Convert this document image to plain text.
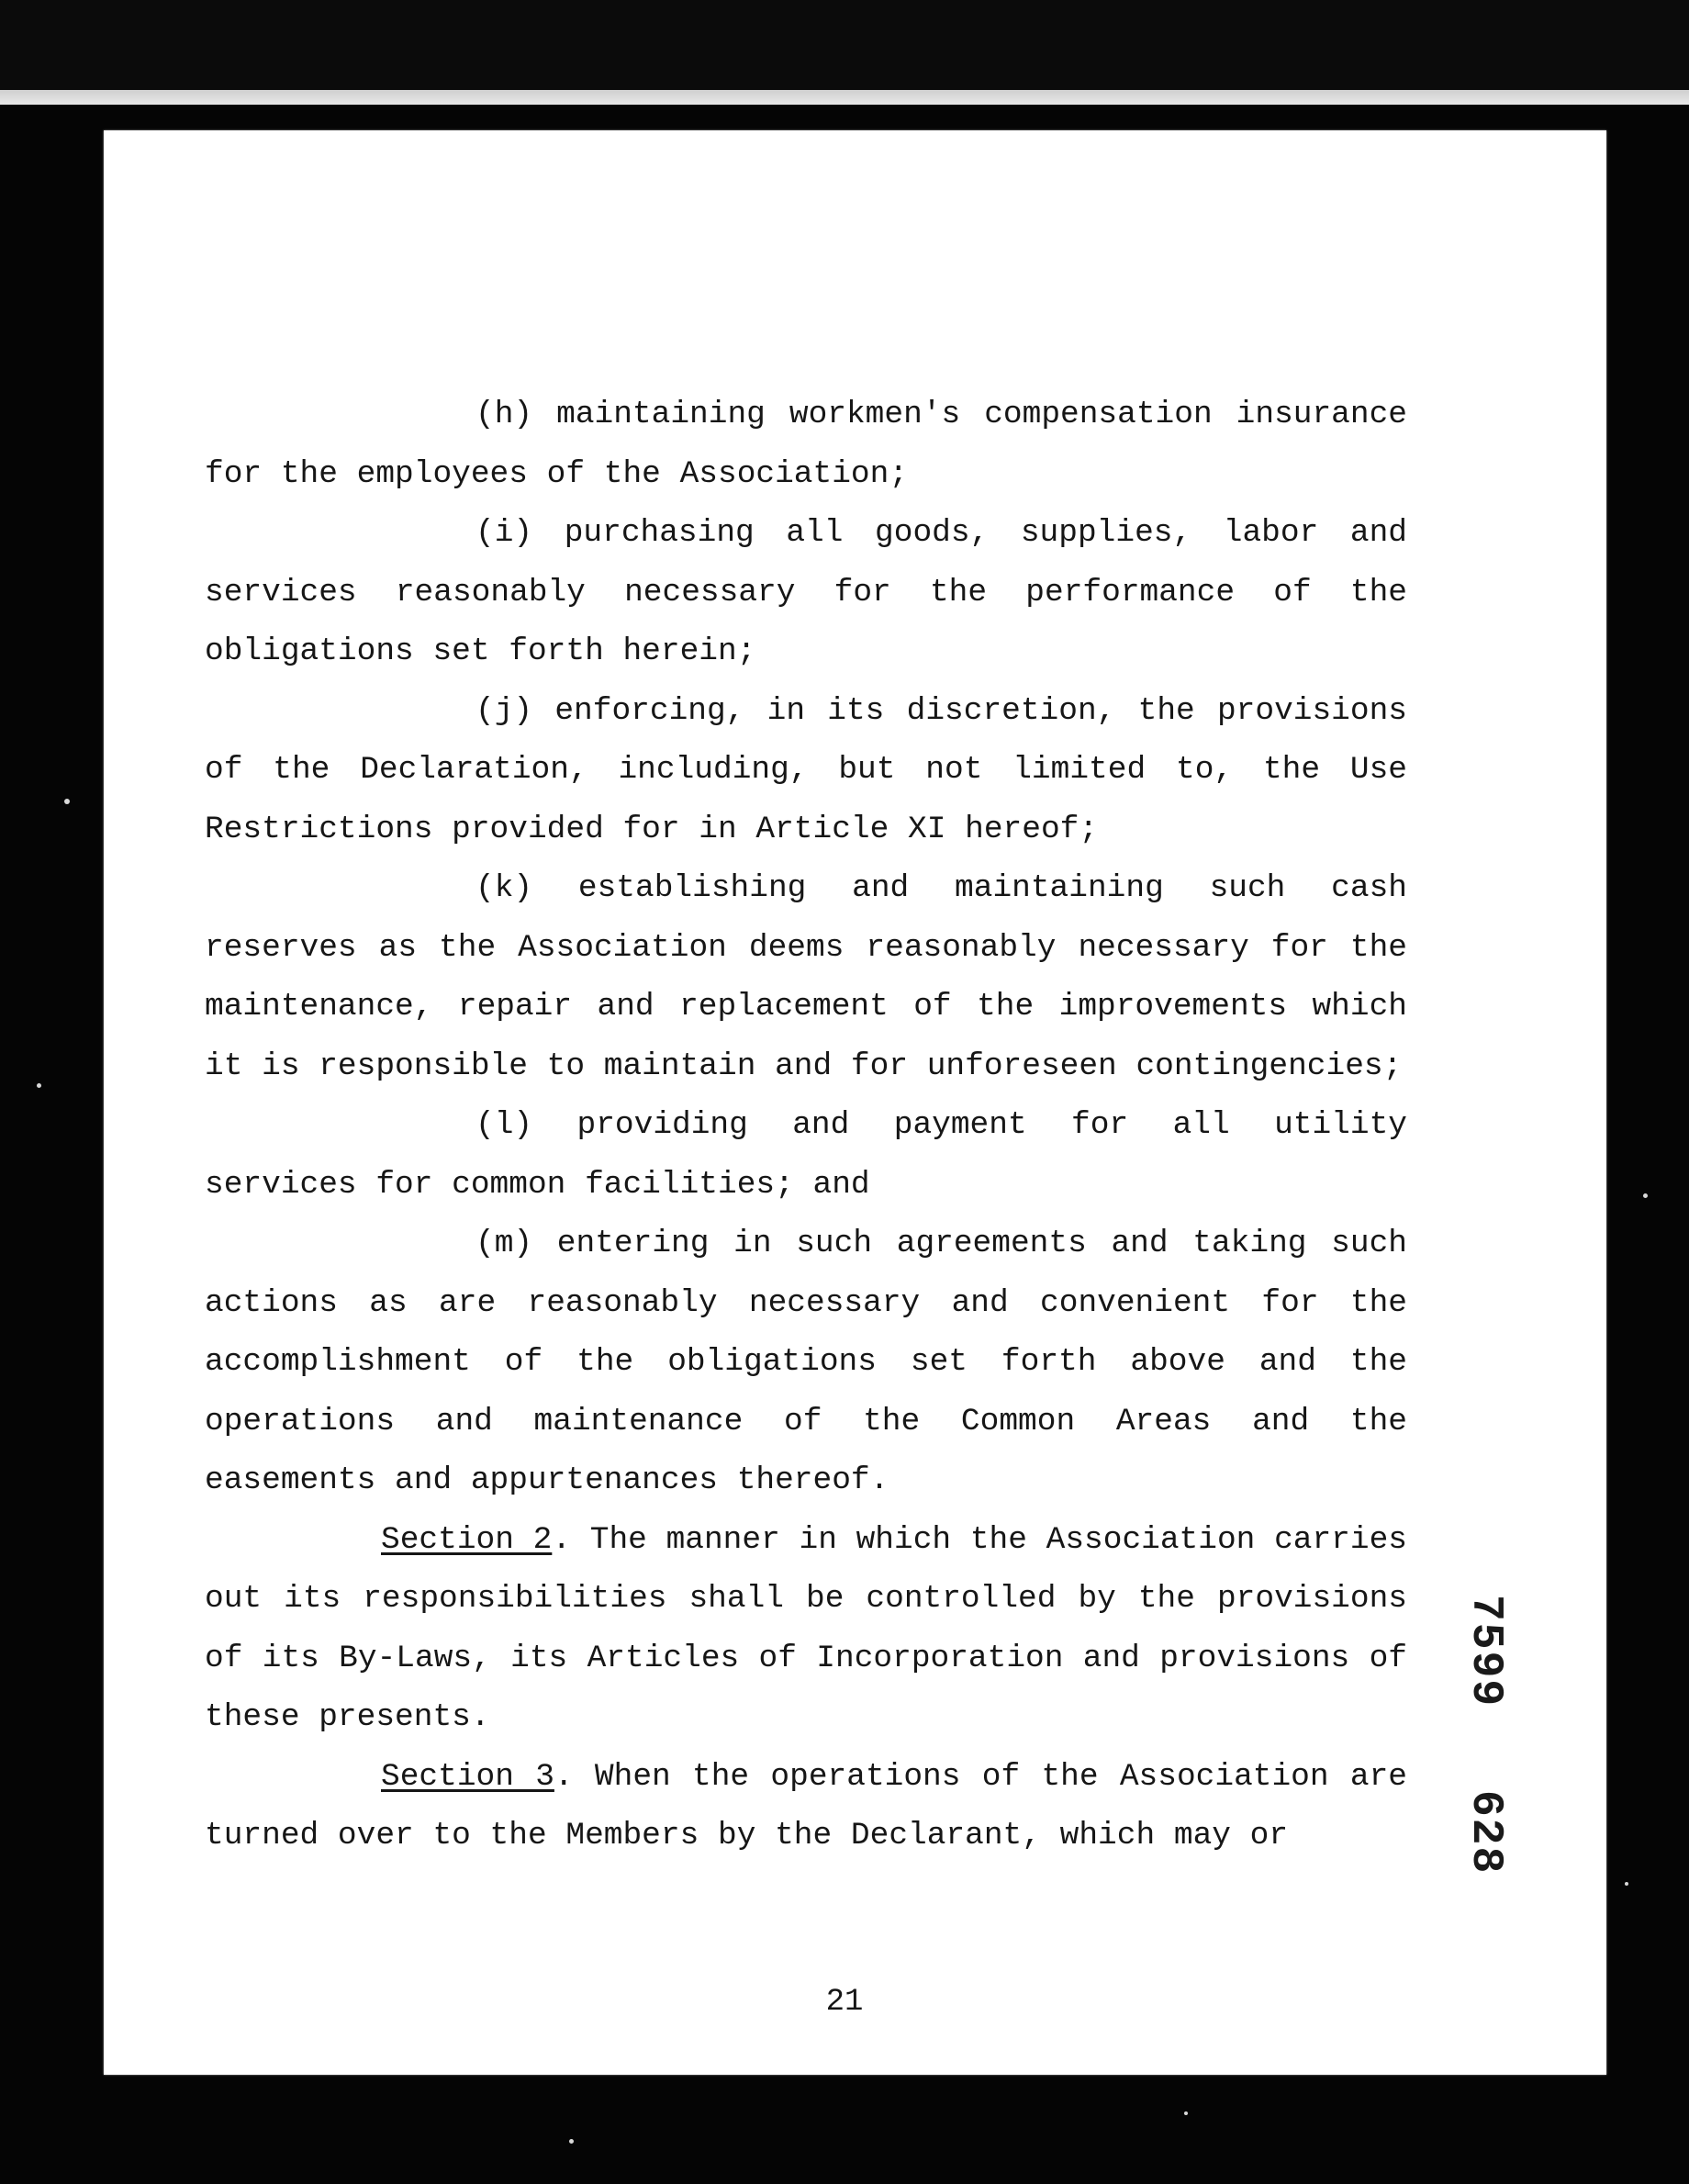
(h) maintaining workmen's compensation insurance for the employees of the Association;

(i) purchasing all goods, supplies, labor and services reasonably necessary for the performance of the obligations set forth herein;

(j) enforcing, in its discretion, the provisions of the Declaration, including, but not limited to, the Use Restrictions provided for in Article XI hereof;

(k) establishing and maintaining such cash reserves as the Association deems reasonably necessary for the maintenance, repair and replacement of the improvements which it is responsible to maintain and for unforeseen contingencies;

(l) providing and payment for all utility services for common facilities; and

(m) entering in such agreements and taking such actions as are reasonably necessary and convenient for the accomplishment of the obligations set forth above and the operations and maintenance of the Common Areas and the easements and appurtenances thereof.

Section 2. The manner in which the Association carries out its responsibilities shall be controlled by the provisions of its By-Laws, its Articles of Incorporation and provisions of these presents.

Section 3. When the operations of the Association are turned over to the Members by the Declarant, which may or

21
7599
628
